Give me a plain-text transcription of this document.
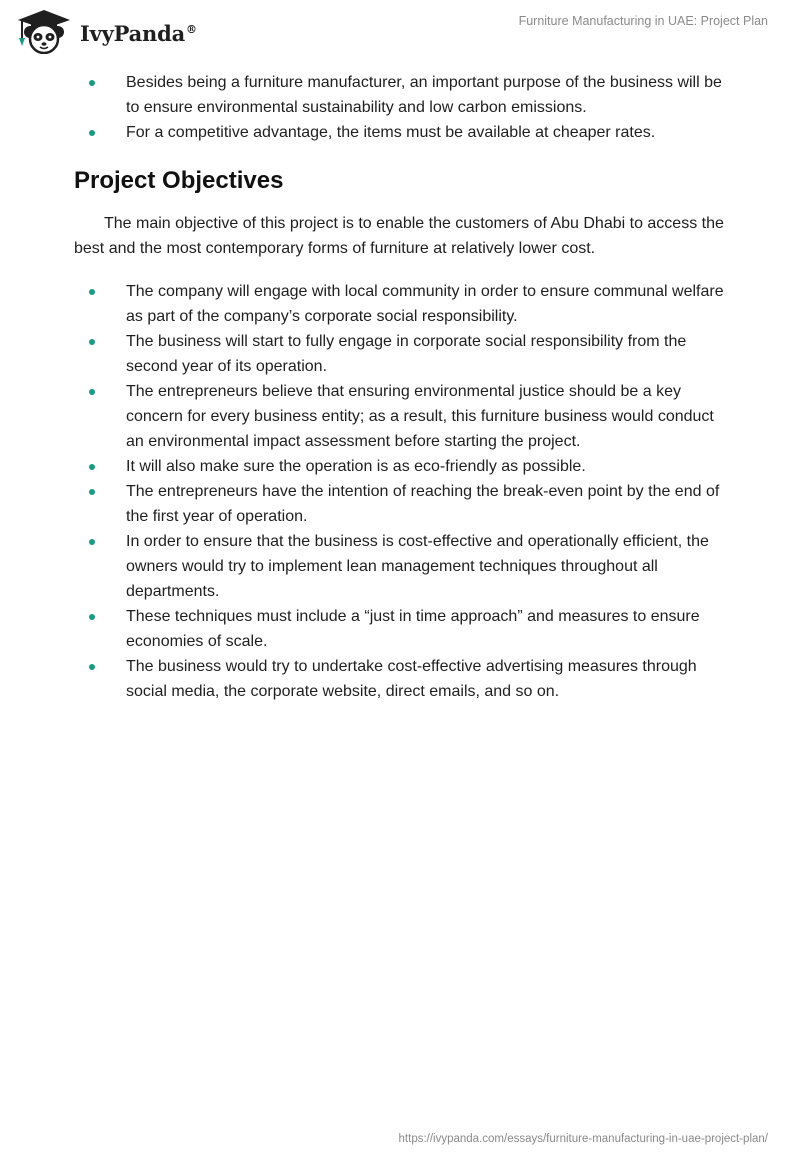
IvyPanda®
Furniture Manufacturing in UAE: Project Plan
Besides being a furniture manufacturer, an important purpose of the business will be to ensure environmental sustainability and low carbon emissions.
For a competitive advantage, the items must be available at cheaper rates.
Project Objectives

The main objective of this project is to enable the customers of Abu Dhabi to access the best and the most contemporary forms of furniture at relatively lower cost.

The company will engage with local community in order to ensure communal welfare as part of the company’s corporate social responsibility.
The business will start to fully engage in corporate social responsibility from the second year of its operation.
The entrepreneurs believe that ensuring environmental justice should be a key concern for every business entity; as a result, this furniture business would conduct an environmental impact assessment before starting the project.
It will also make sure the operation is as eco-friendly as possible.
The entrepreneurs have the intention of reaching the break-even point by the end of the first year of operation.
In order to ensure that the business is cost-effective and operationally efficient, the owners would try to implement lean management techniques throughout all departments.
These techniques must include a “just in time approach” and measures to ensure economies of scale.
The business would try to undertake cost-effective advertising measures through social media, the corporate website, direct emails, and so on.
https://ivypanda.com/essays/furniture-manufacturing-in-uae-project-plan/
